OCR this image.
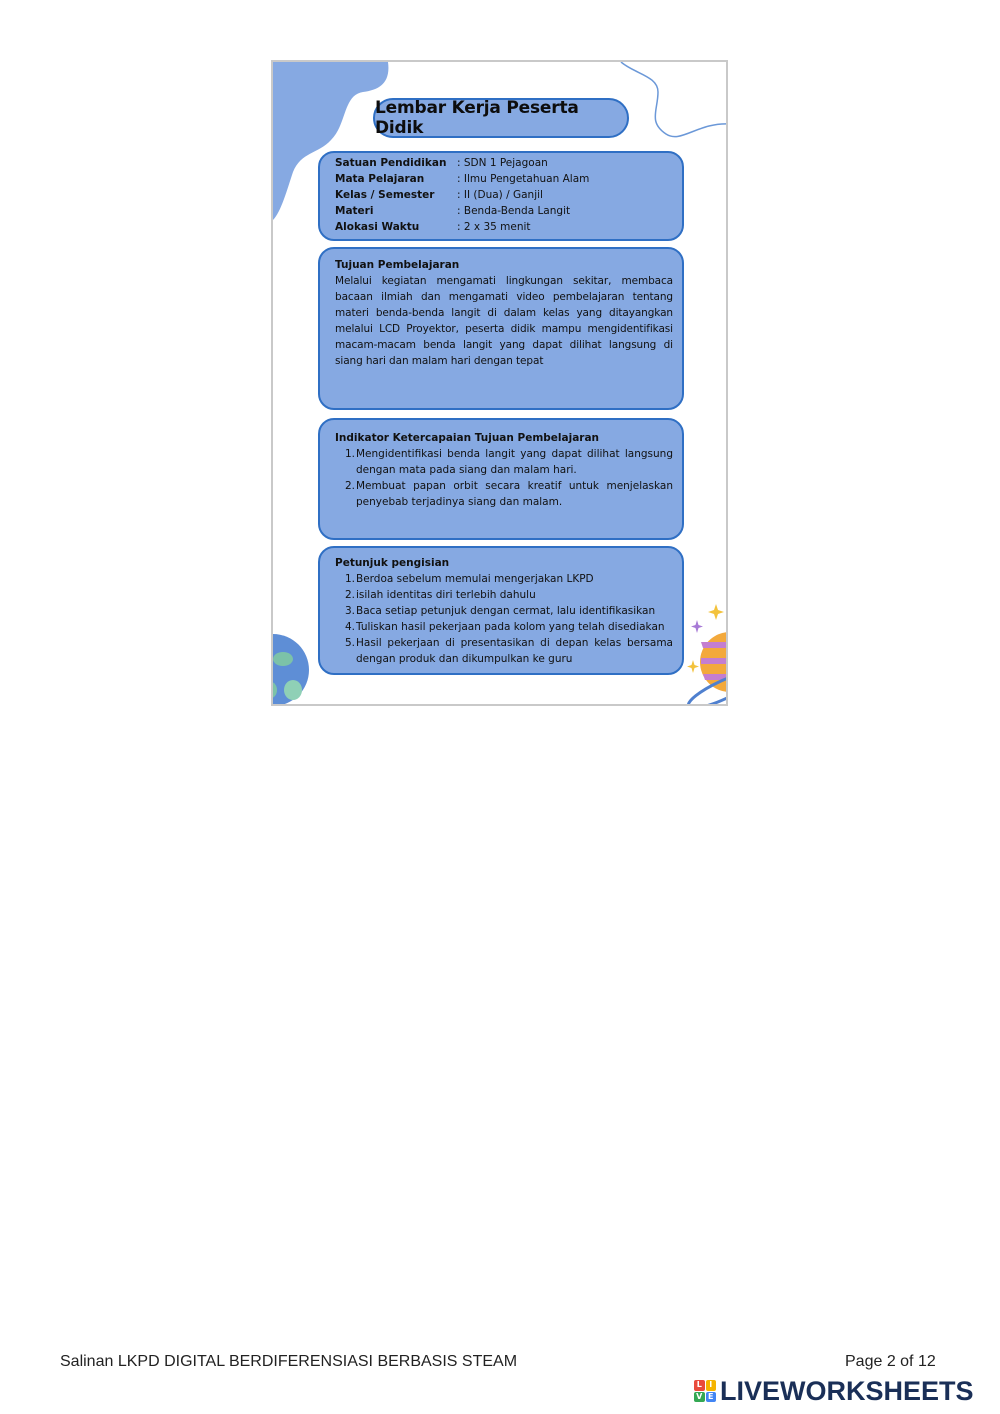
Lembar Kerja Peserta Didik
Satuan Pendidikan	: SDN 1 Pejagoan
Mata Pelajaran	: Ilmu Pengetahuan Alam
Kelas / Semester	: II (Dua) / Ganjil
Materi	: Benda-Benda Langit
Alokasi Waktu	: 2 x 35 menit
Tujuan Pembelajaran
Melalui kegiatan mengamati lingkungan sekitar, membaca bacaan ilmiah dan mengamati video pembelajaran tentang materi benda-benda langit di dalam kelas yang ditayangkan melalui LCD Proyektor, peserta didik mampu mengidentifikasi macam-macam benda langit yang dapat dilihat langsung di siang hari dan malam hari dengan tepat
Indikator Ketercapaian Tujuan Pembelajaran
1. Mengidentifikasi benda langit yang dapat dilihat langsung dengan mata pada siang dan malam hari.
2. Membuat papan orbit secara kreatif untuk menjelaskan penyebab terjadinya siang dan malam.
Petunjuk pengisian
1. Berdoa sebelum memulai mengerjakan LKPD
2. isilah identitas diri terlebih dahulu
3. Baca setiap petunjuk dengan cermat, lalu identifikasikan
4. Tuliskan hasil pekerjaan pada kolom yang telah disediakan
5. Hasil pekerjaan di presentasikan di depan kelas bersama dengan produk dan dikumpulkan ke guru
Salinan LKPD DIGITAL BERDIFERENSIASI BERBASIS STEAM	Page 2 of 12
L I
V E LIVEWORKSHEETS
